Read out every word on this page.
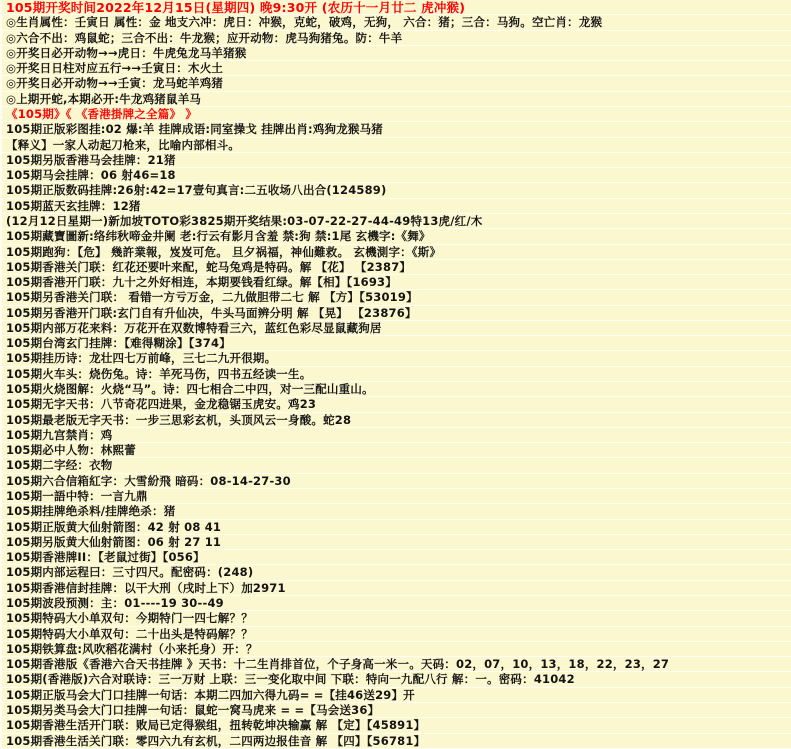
105期开奖时间2022年12月15日(星期四) 晚9:30开 (农历十一月廿二 虎冲猴)
◎生肖属性：壬寅日 属性：金 地支六冲：虎日：冲猴，克蛇，破鸡，无狗， 六合：猪；三合：马狗。空亡肖：龙猴
◎六合不出：鸡鼠蛇；三合不出：牛龙猴；应开动物：虎马狗猪兔。防：牛羊
◎开奖日必开动物→→虎日：牛虎兔龙马羊猪猴
◎开奖日日柱对应五行→→壬寅日：木火土
◎开奖日必开动物→→壬寅：龙马蛇羊鸡猪
◎上期开蛇,本期必开:牛龙鸡猪鼠羊马
《105期》《 《香港掛牌之全篇》 》
105期正版彩图挂:02 爆:羊 挂牌成语:同室操戈 挂牌出肖:鸡狗龙猴马猪
【释义】一家人动起刀枪来，比喻内部相斗。
105期另版香港马会挂牌：21猪
105期马会挂牌：06 射46=18
105期正版数码挂牌:26射:42=17壹句真言:二五收场八出合(124589)
105期蓝天玄挂牌：12猪
(12月12日星期一)新加坡TOTO彩3825期开奖结果:03-07-22-27-44-49特13虎/红/木
105期藏寶圖新:络纬秋啼金井阑 老:行云有影月含羞 禁:狗 禁:1尾 玄機字:《舞》
105期跑狗：【危】 幾許業報，岌岌可危。 旦夕祸福，神仙難救。 玄機測字：《斯》
105期香港关门联：红花还要叶来配，蛇马兔鸡是特码。解 【花】 【2387】
105期香港开门联：九十之外好相连，本期要钱看红绿。解【相】【1693】
105期另香港关门联： 看错一方亏万金，二九做胆带二七 解 【方】【53019】
105期另香港开门联:玄门自有升仙决，牛头马面辨分明 解 【晃】 【23876】
105期内部万花来料：万花开在双数博特看三六，蓝红色彩尽显鼠藏狗居
105期台湾玄门挂牌：【难得糊涂】【374】
105期挂历诗：龙壮四七万前峰，三七二九开很期。
105期火车头：烧伤兔。诗：羊死马伤，四书五经读一生。
105期火烧图解：火烧“马”。诗：四七相合二中四，对一三配山重山。
105期无字天书：八节奇花四进果，金龙稳锯玉虎安。鸡23
105期最老版无字天书：一步三思彩玄机，头顶风云一身酸。蛇28
105期九宫禁肖：鸡
105期必中人物：林熙蕾
105期二字经：衣物
105期六合信箱紅字：大雪紛飛 暗码：08-14-27-30
105期一語中特：一言九鼎
105期挂牌绝杀料/挂牌绝杀：猪
105期正版黄大仙射箭图：42 射 08 41
105期另版黄大仙射箭图：06 射 27 11
105期香港牌II：【老鼠过街】【056】
105期内部运程曰：三寸四尺。配密码：(248)
105期香港信封挂牌：以干大刑（戌时上下）加2971
105期波段预测：主：01----19 30--49
105期特码大小单双句：今期特门一四七解？？
105期特码大小单双句：二十出头是特码解？？
105期铁算盘:风吹稻花满村（小来托身）开：？
105期香港版《香港六合天书挂牌 》天书：十二生肖排首位，个子身高一米一。天码：02，07，10，13，18，22，23，27
105期(香港版)六合对联诗：三一万财 上联：三一变化取中间 下联：特向一九配八行 解：一。密码：41042
105期正版马会大门口挂牌一句话：本期二四加六得九码= =【挂46送29】开
105期另类马会大门口挂牌一句话：鼠蛇一窝马虎来 = =【马会送36】
105期香港生活开门联：败局已定得猴组，扭转乾坤决输赢 解 【定】【45891】
105期香港生活关门联：零四六九有玄机，二四两边报佳音 解 【四】【56781】
